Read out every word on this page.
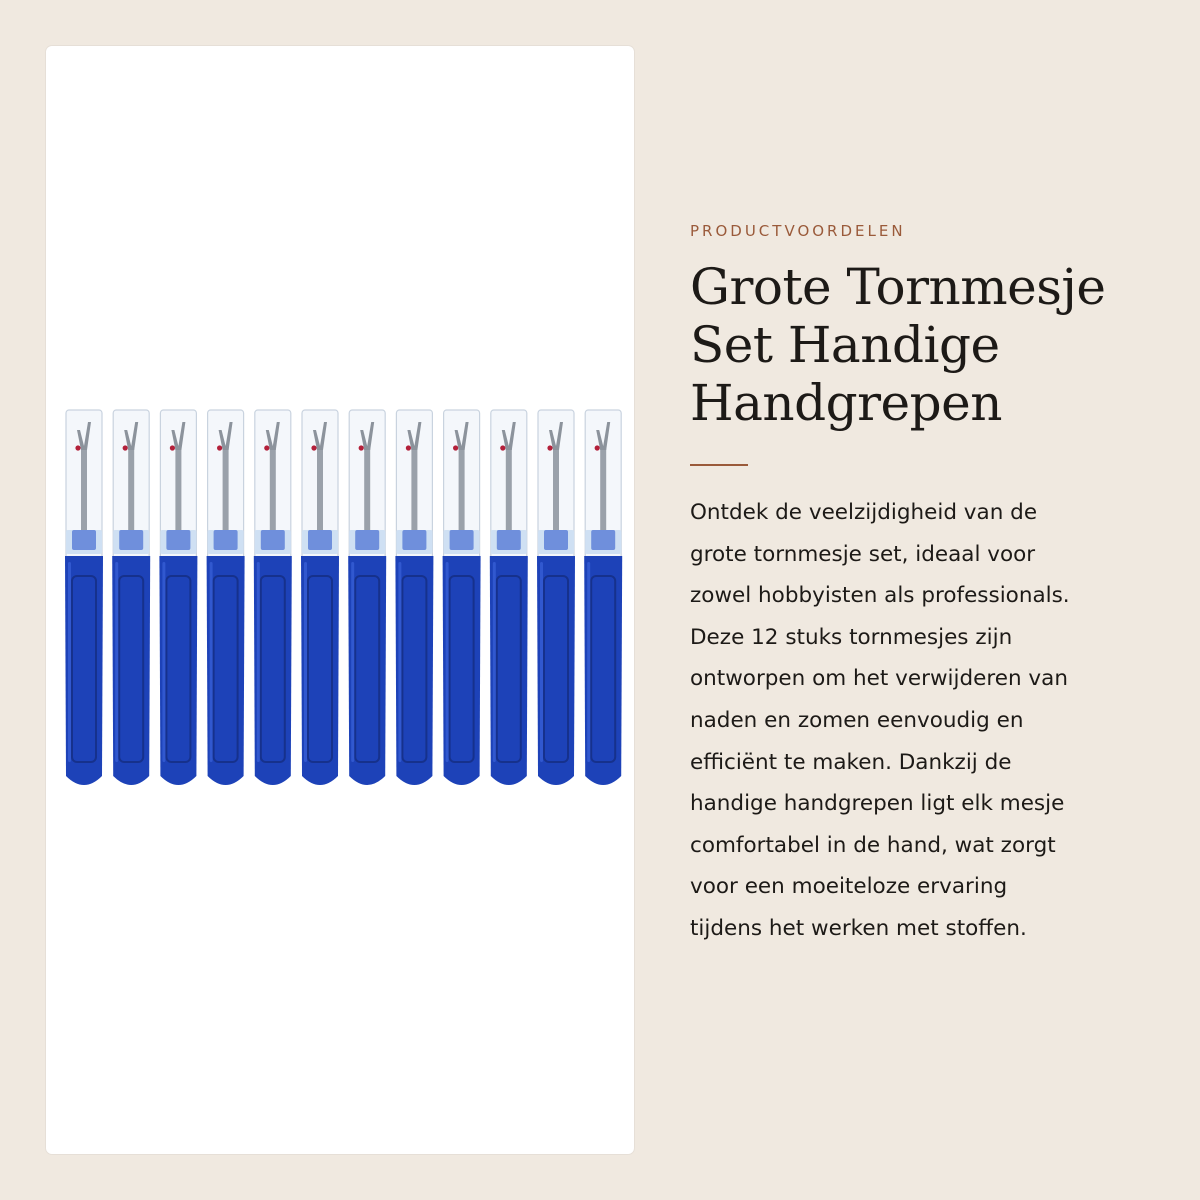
PRODUCTVOORDELEN
Grote Tornmesje
Set Handige
Handgrepen

Ontdek de veelzijdigheid van de
grote tornmesje set, ideaal voor
zowel hobbyisten als professionals.
Deze 12 stuks tornmesjes zijn
ontworpen om het verwijderen van
naden en zomen eenvoudig en
efficiënt te maken. Dankzij de
handige handgrepen ligt elk mesje
comfortabel in de hand, wat zorgt
voor een moeiteloze ervaring
tijdens het werken met stoffen.
